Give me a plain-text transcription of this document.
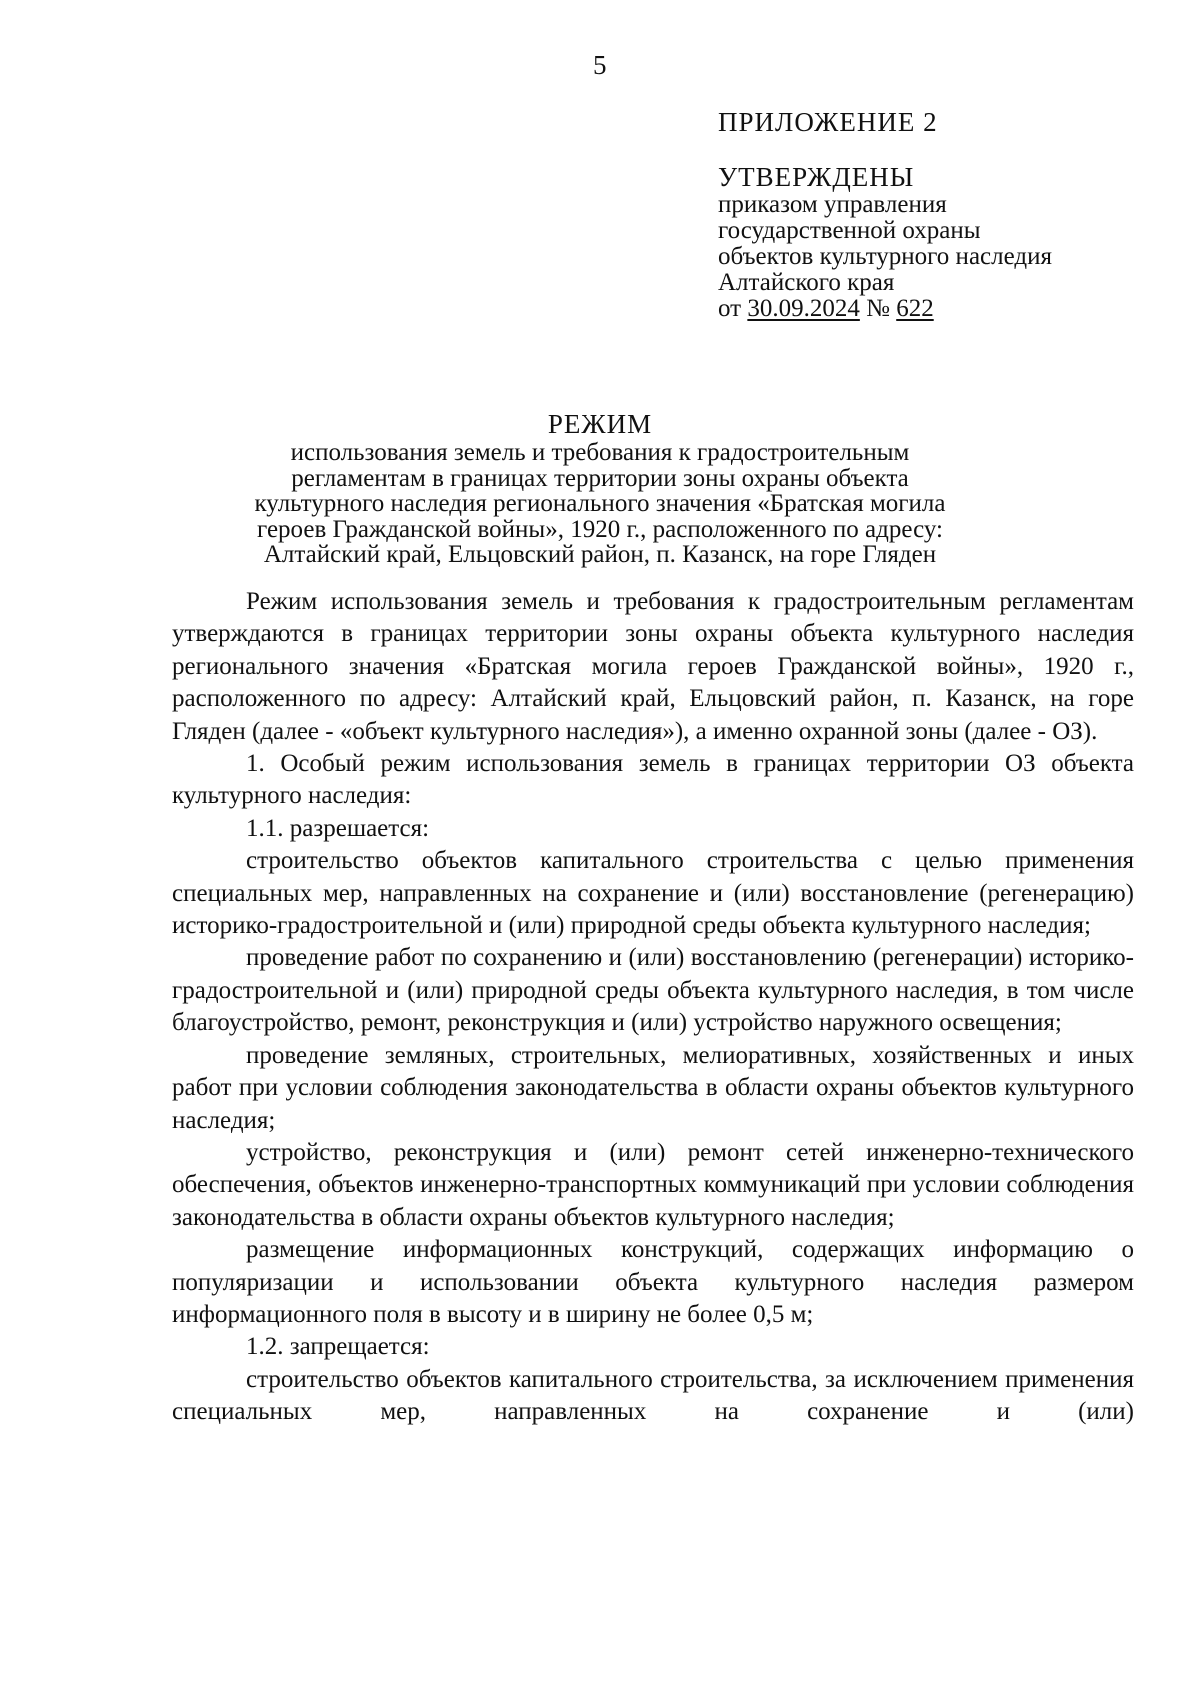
5
ПРИЛОЖЕНИЕ 2
УТВЕРЖДЕНЫ
приказом управления
государственной охраны
объектов культурного наследия
Алтайского края
от 30.09.2024 № 622
РЕЖИМ
использования земель и требования к градостроительным
регламентам в границах территории зоны охраны объекта
культурного наследия регионального значения «Братская могила
героев Гражданской войны», 1920 г., расположенного по адресу:
Алтайский край, Ельцовский район, п. Казанск, на горе Гляден

Режим использования земель и требования к градостроительным регламентам утверждаются в границах территории зоны охраны объекта культурного наследия регионального значения «Братская могила героев Гражданской войны», 1920 г., расположенного по адресу: Алтайский край, Ельцовский район, п. Казанск, на горе Гляден (далее - «объект культурного наследия»), а именно охранной зоны (далее - ОЗ).

1. Особый режим использования земель в границах территории ОЗ объекта культурного наследия:

1.1. разрешается:

строительство объектов капитального строительства с целью применения специальных мер, направленных на сохранение и (или) восстановление (регенерацию) историко-градостроительной и (или) природной среды объекта культурного наследия;

проведение работ по сохранению и (или) восстановлению (регенерации) историко-градостроительной и (или) природной среды объекта культурного наследия, в том числе благоустройство, ремонт, реконструкция и (или) устройство наружного освещения;

проведение земляных, строительных, мелиоративных, хозяйственных и иных работ при условии соблюдения законодательства в области охраны объектов культурного наследия;

устройство, реконструкция и (или) ремонт сетей инженерно-технического обеспечения, объектов инженерно-транспортных коммуникаций при условии соблюдения законодательства в области охраны объектов культурного наследия;

размещение информационных конструкций, содержащих информацию о популяризации и использовании объекта культурного наследия размером информационного поля в высоту и в ширину не более 0,5 м;

1.2. запрещается:

строительство объектов капитального строительства, за исключением применения специальных мер, направленных на сохранение и (или)
